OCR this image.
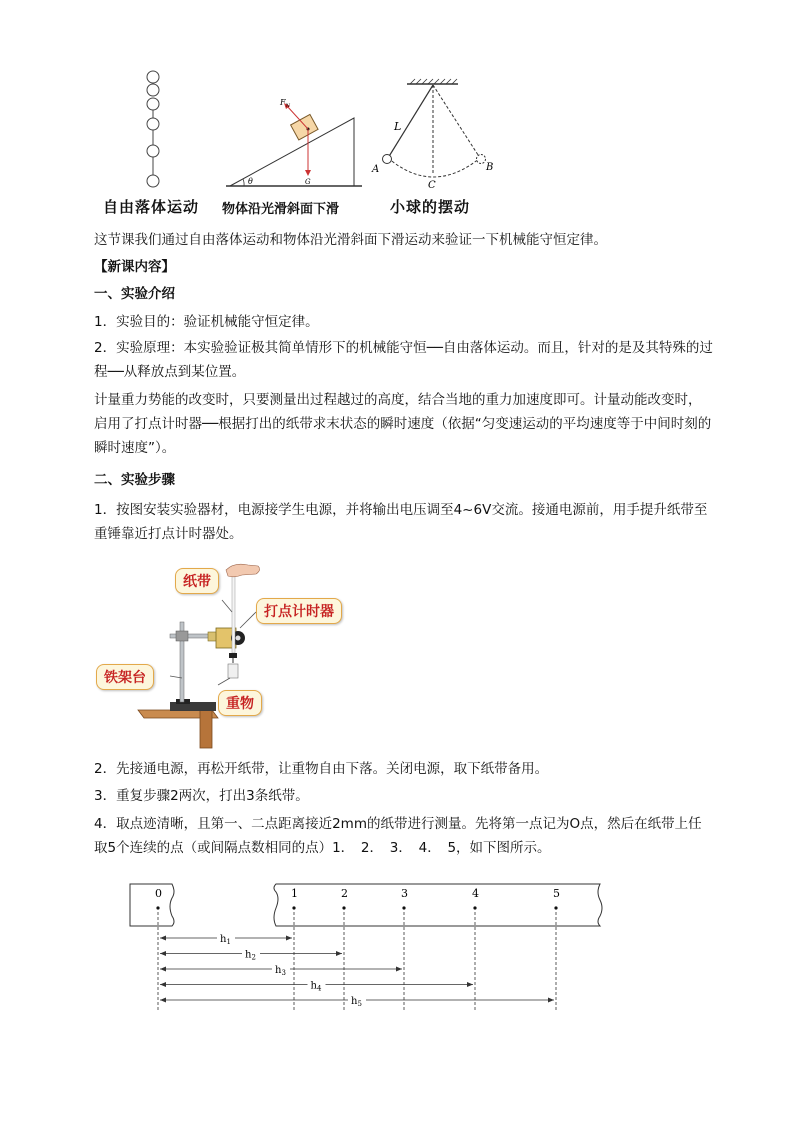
θ
$F_N$
G
L
A	B
C
自由落体运动 物体沿光滑斜面下滑	小球的摆动
这节课我们通过自由落体运动和物体沿光滑斜面下滑运动来验证一下机械能守恒定律。
【新课内容】
一、实验介绍
1．实验目的：验证机械能守恒定律。
2．实验原理：本实验验证极其简单情形下的机械能守恒──自由落体运动。而且，针对的是及其特殊的过程──从释放点到某位置。
计量重力势能的改变时，只要测量出过程越过的高度，结合当地的重力加速度即可。计量动能改变时，启用了打点计时器──根据打出的纸带求末状态的瞬时速度（依据“匀变速运动的平均速度等于中间时刻的瞬时速度”）。
二、实验步骤
1．按图安装实验器材，电源接学生电源，并将输出电压调至4~6V交流。接通电源前，用手提升纸带至重锤靠近打点计时器处。
纸带
打点计时器
铁架台
重物
2．先接通电源，再松开纸带，让重物自由下落。关闭电源，取下纸带备用。
3．重复步骤2两次，打出3条纸带。
4．取点迹清晰，且第一、二点距离接近2mm的纸带进行测量。先将第一点记为O点，然后在纸带上任取5个连续的点（或间隔点数相同的点）1．　2．　3．　4．　5，如下图所示。
0	1	2	3	4	5
$h_1$
$h_2$
$h_3$
$h_4$
$h_5$
